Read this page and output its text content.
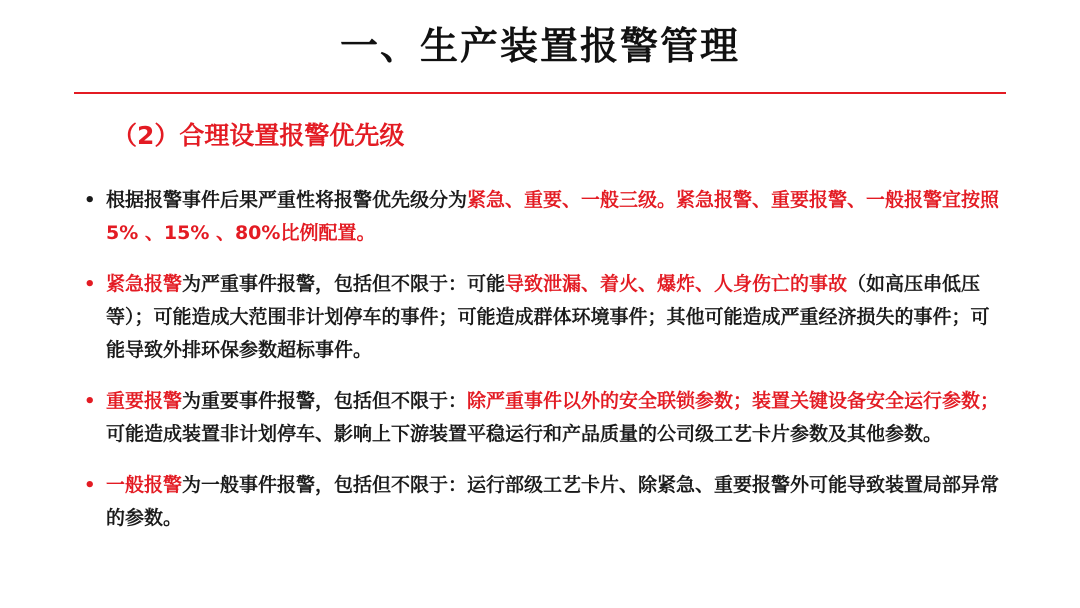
一、生产装置报警管理
（2）合理设置报警优先级
• 根据报警事件后果严重性将报警优先级分为紧急、重要、一般三级。紧急报警、重要报警、一般报警宜按照5% 、15% 、80%比例配置。
• 紧急报警为严重事件报警，包括但不限于：可能导致泄漏、着火、爆炸、人身伤亡的事故（如高压串低压等）；可能造成大范围非计划停车的事件；可能造成群体环境事件；其他可能造成严重经济损失的事件；可能导致外排环保参数超标事件。
• 重要报警为重要事件报警，包括但不限于：除严重事件以外的安全联锁参数；装置关键设备安全运行参数；可能造成装置非计划停车、影响上下游装置平稳运行和产品质量的公司级工艺卡片参数及其他参数。
• 一般报警为一般事件报警，包括但不限于：运行部级工艺卡片、除紧急、重要报警外可能导致装置局部异常的参数。
